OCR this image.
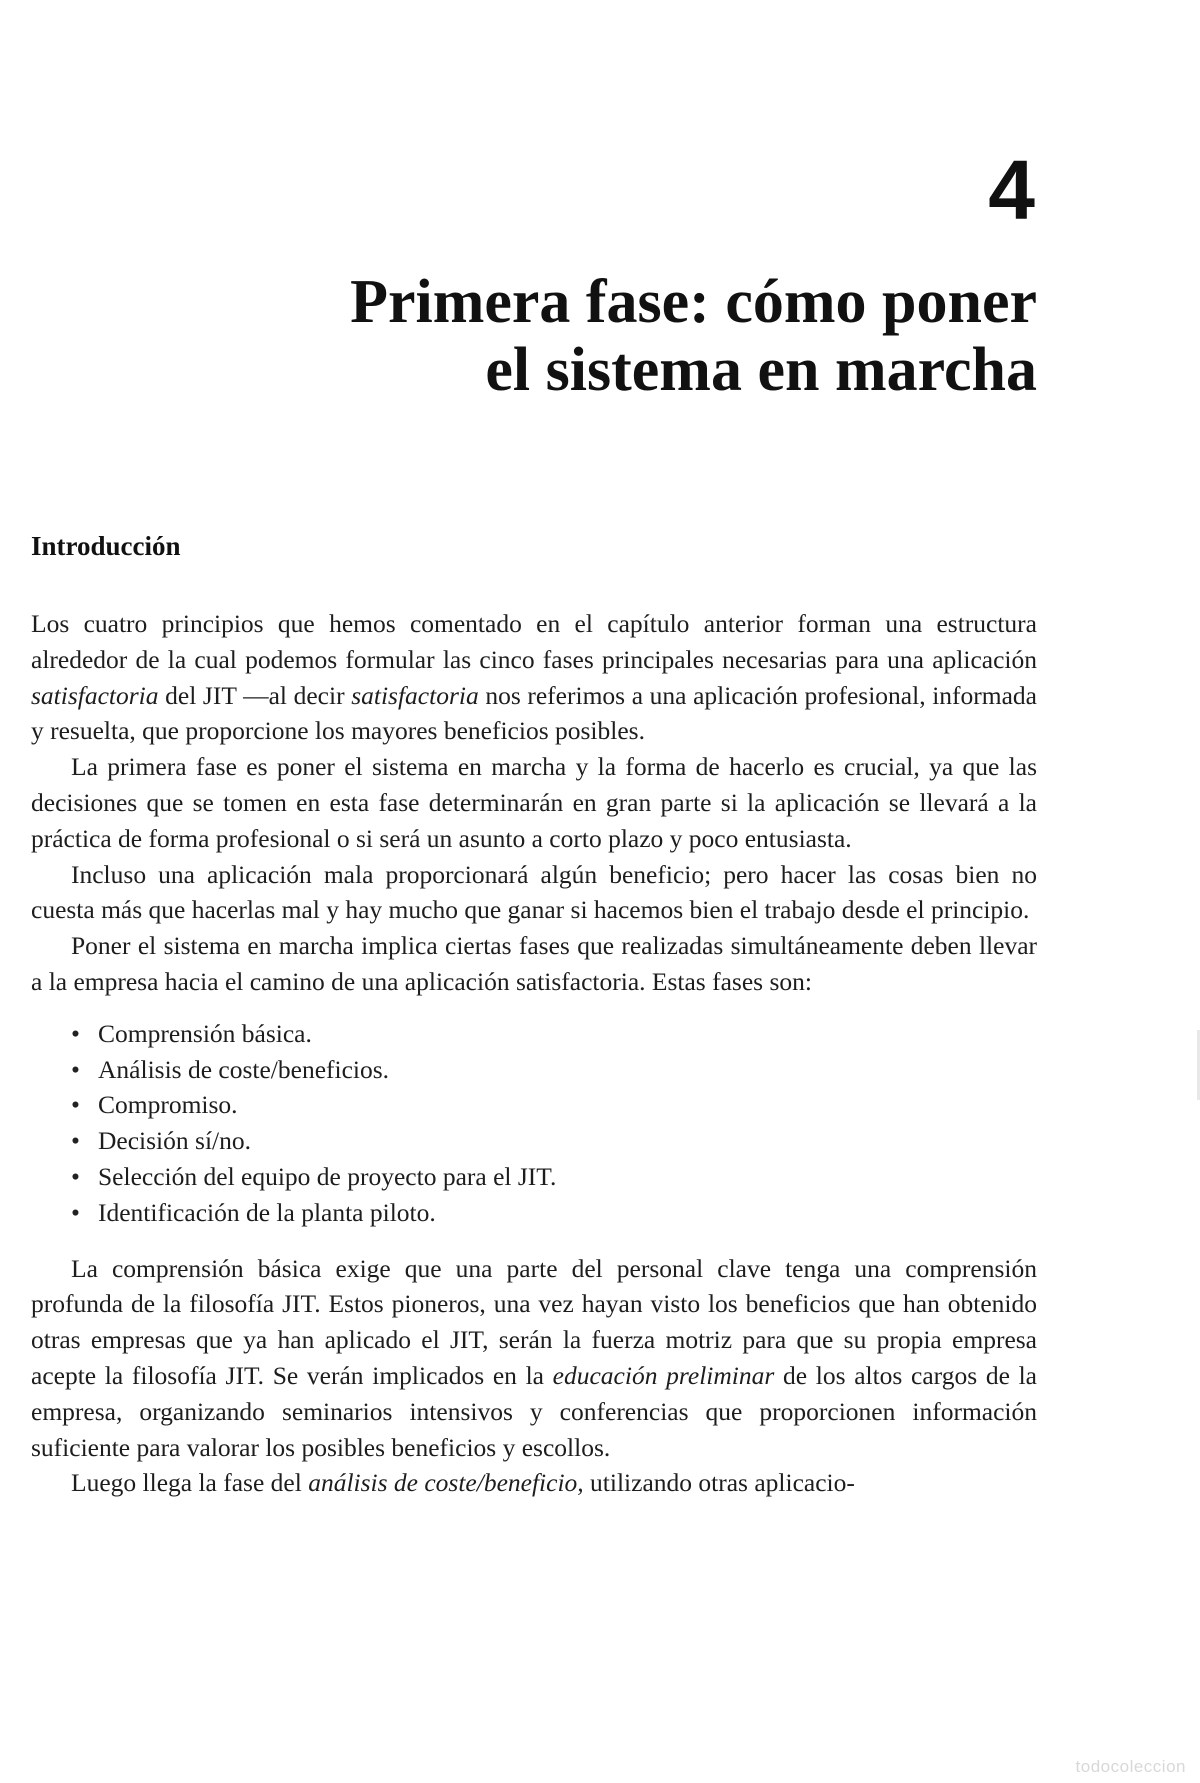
4
Primera fase: cómo poner
el sistema en marcha
Introducción

Los cuatro principios que hemos comentado en el capítulo anterior forman una estructura alrededor de la cual podemos formular las cinco fases principales necesarias para una aplicación satisfactoria del JIT —al decir satisfactoria nos referimos a una aplicación profesional, informada y resuelta, que proporcione los mayores beneficios posibles.

La primera fase es poner el sistema en marcha y la forma de hacerlo es crucial, ya que las decisiones que se tomen en esta fase determinarán en gran parte si la aplicación se llevará a la práctica de forma profesional o si será un asunto a corto plazo y poco entusiasta.

Incluso una aplicación mala proporcionará algún beneficio; pero hacer las cosas bien no cuesta más que hacerlas mal y hay mucho que ganar si hacemos bien el trabajo desde el principio.

Poner el sistema en marcha implica ciertas fases que realizadas simultáneamente deben llevar a la empresa hacia el camino de una aplicación satisfactoria. Estas fases son:

• Comprensión básica.
• Análisis de coste/beneficios.
• Compromiso.
• Decisión sí/no.
• Selección del equipo de proyecto para el JIT.
• Identificación de la planta piloto.

La comprensión básica exige que una parte del personal clave tenga una comprensión profunda de la filosofía JIT. Estos pioneros, una vez hayan visto los beneficios que han obtenido otras empresas que ya han aplicado el JIT, serán la fuerza motriz para que su propia empresa acepte la filosofía JIT. Se verán implicados en la educación preliminar de los altos cargos de la empresa, organizando seminarios intensivos y conferencias que proporcionen información suficiente para valorar los posibles beneficios y escollos.

Luego llega la fase del análisis de coste/beneficio, utilizando otras aplicacio-

todocoleccion
